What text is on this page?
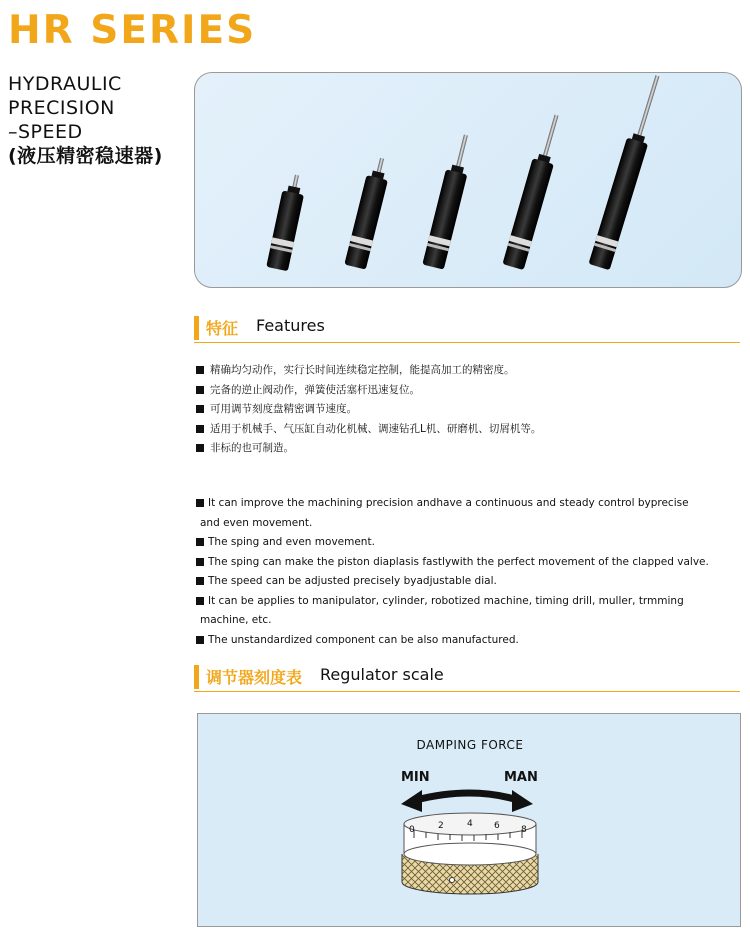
HR SERIES
HYDRAULIC
PRECISION
–SPEED
(液压精密稳速器)
特征 Features
精确均匀动作，实行长时间连续稳定控制，能提高加工的精密度。
完备的逆止阀动作，弹簧使活塞杆迅速复位。
可用调节刻度盘精密调节速度。
适用于机械手、气压缸自动化机械、调速钻孔L机、研磨机、切屑机等。
非标的也可制造。
It can improve the machining precision andhave a continuous and steady control byprecise
and even movement.
The sping and even movement.
The sping can make the piston diaplasis fastlywith the perfect movement of the clapped valve.
The speed can be adjusted precisely byadjustable dial.
It can be applies to manipulator, cylinder, robotized machine, timing drill, muller, trmming
machine, etc.
The unstandardized component can be also manufactured.
调节器刻度表 Regulator scale
0	2	4 6 8
DAMPING FORCE
MIN	MAN
